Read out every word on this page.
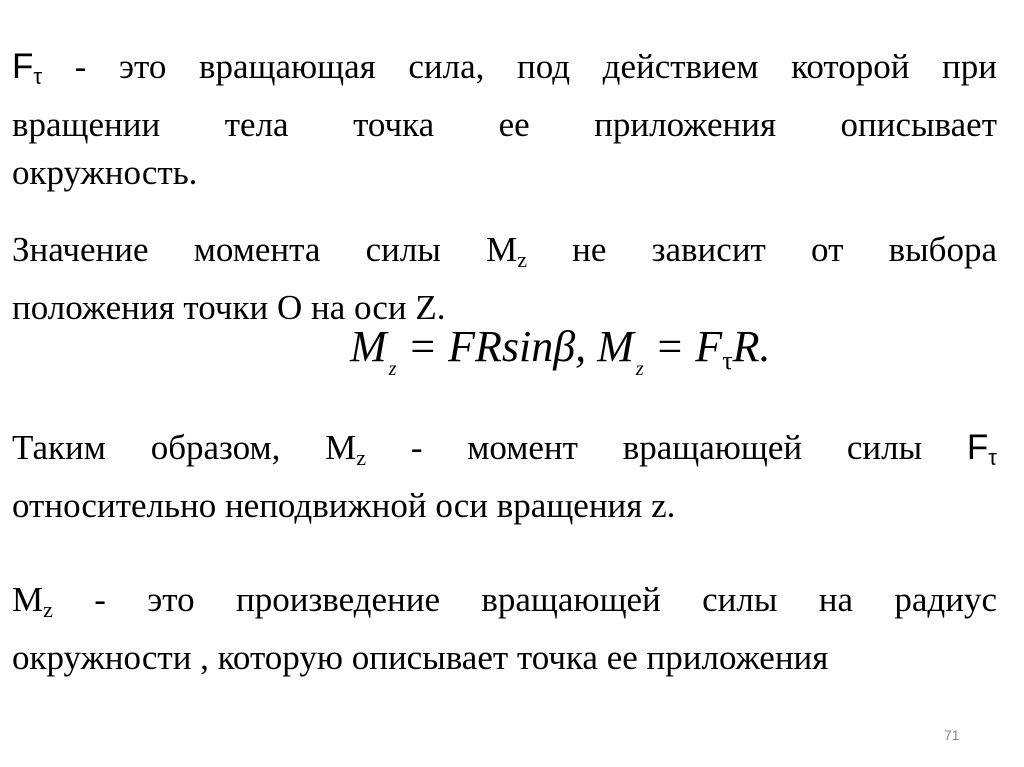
$F_\tau$ - это вращающая сила, под действием которой при
вращении тела точка ее приложения описывает
окружность.
Значение момента силы $M_z$ не зависит от выбора
положения точки O на оси Z.
M $_z$ = FRsinβ, M $_z$ = FτR.
Таким образом, $M_z$ - момент вращающей силы $F_\tau$
относительно неподвижной оси вращения z.
$M_z$ - это произведение вращающей силы на радиус
окружности , которую описывает точка ее приложения
71
